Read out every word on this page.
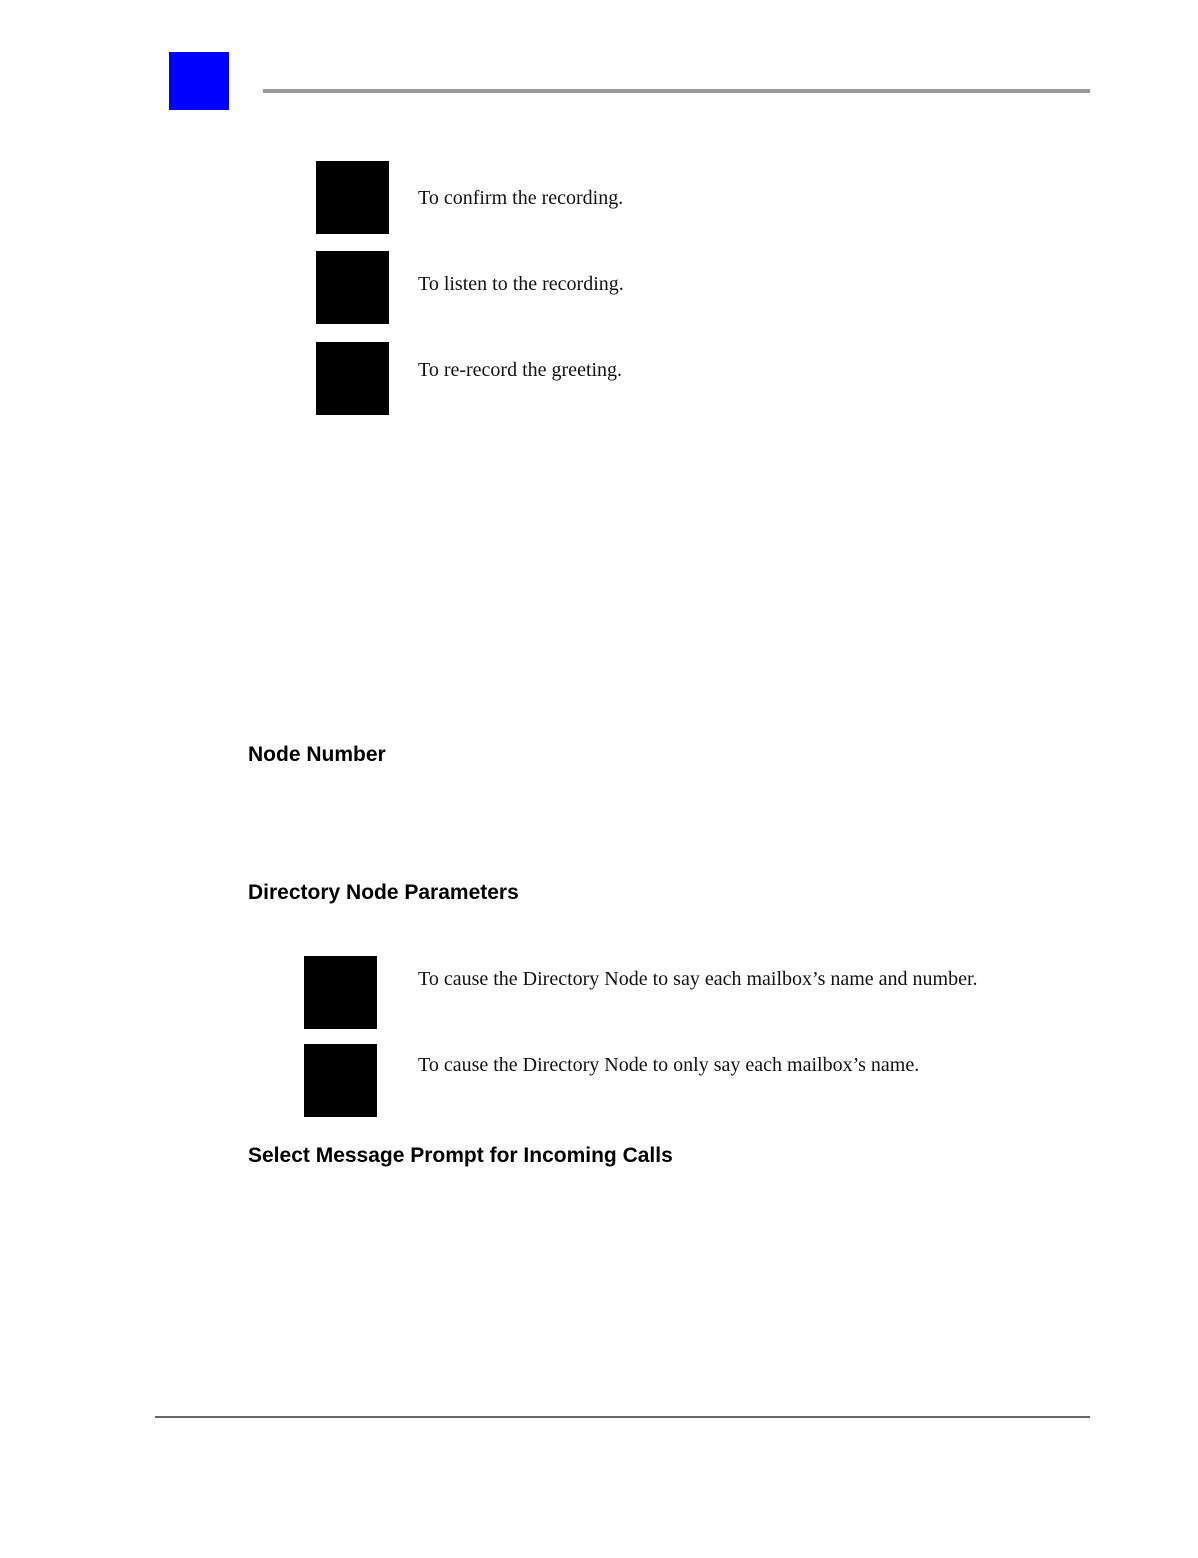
To confirm the recording.
To listen to the recording.
To re-record the greeting.
Node Number
Directory Node Parameters
To cause the Directory Node to say each mailbox’s name and number.
To cause the Directory Node to only say each mailbox’s name.
Select Message Prompt for Incoming Calls
